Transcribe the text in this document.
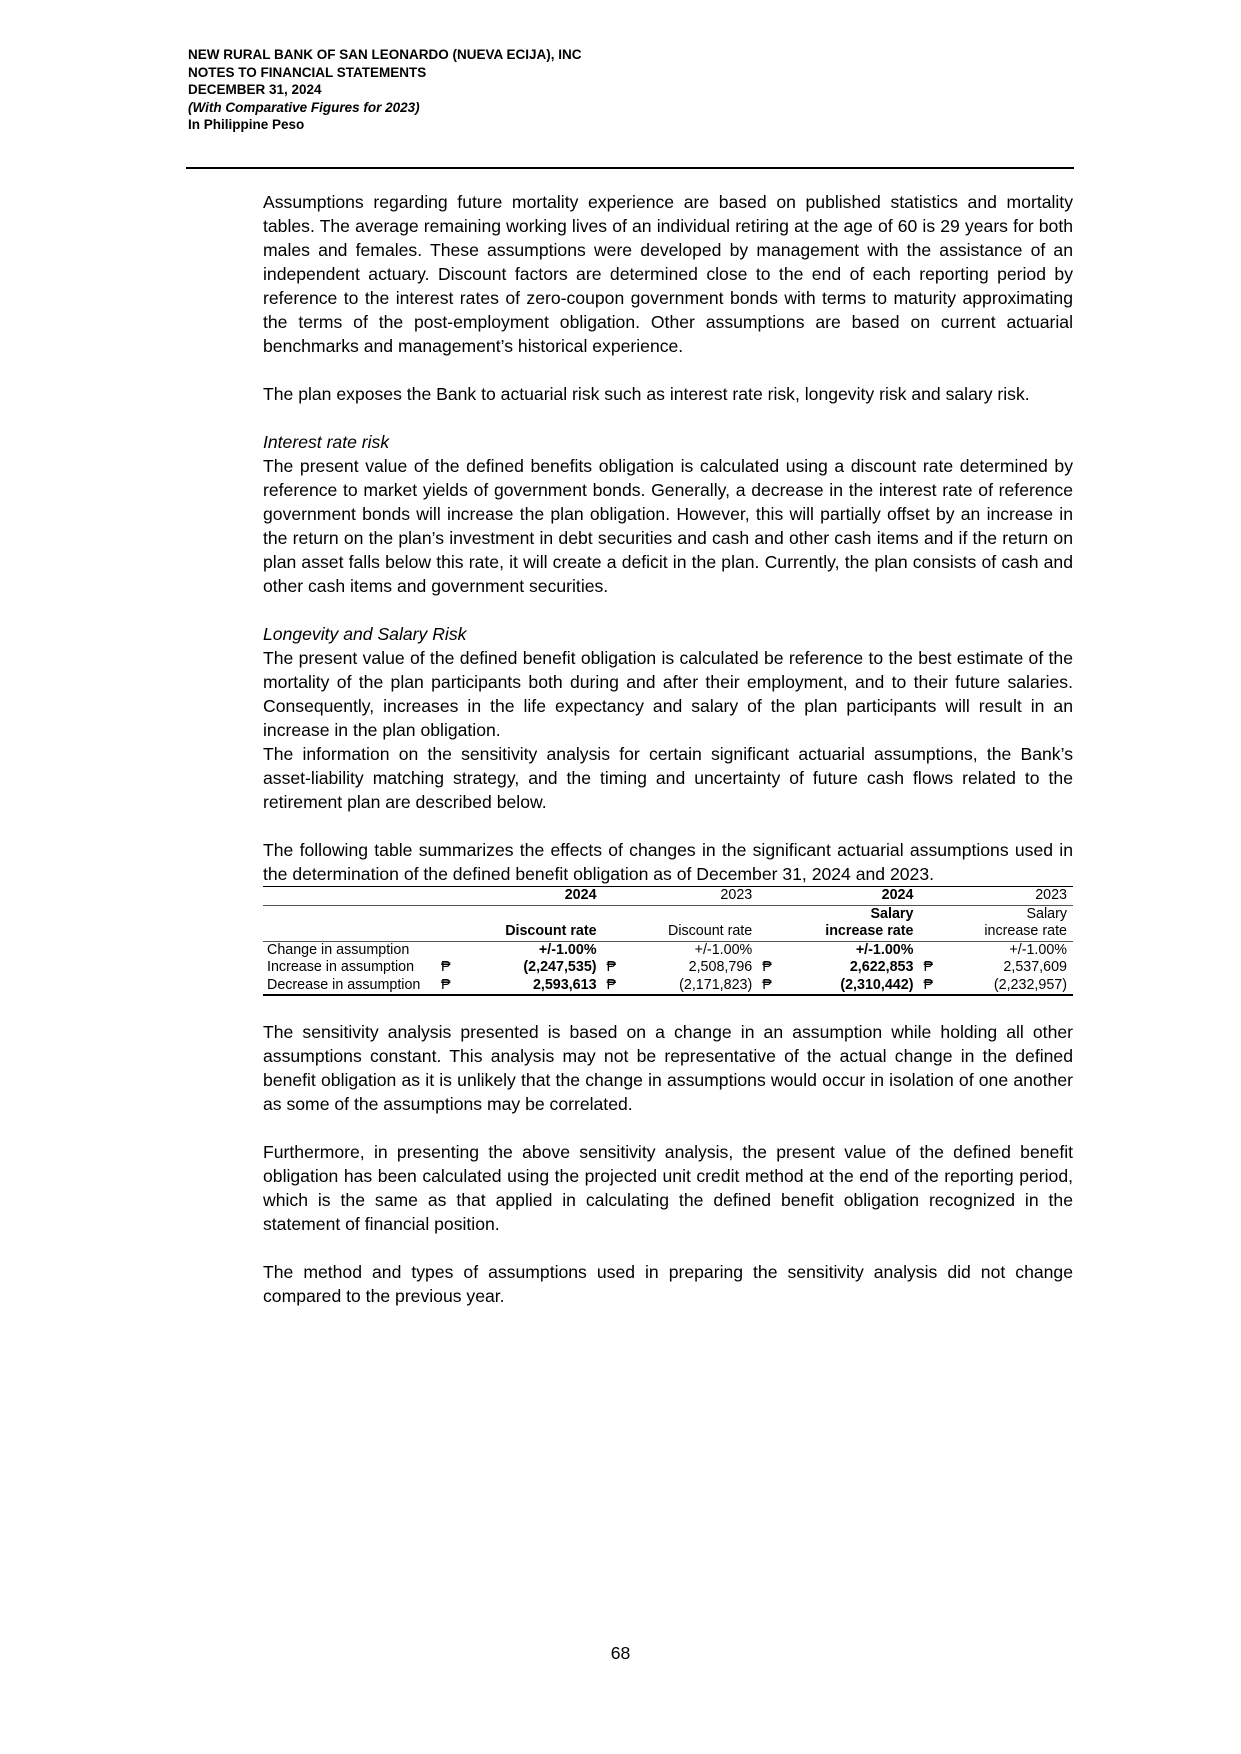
NEW RURAL BANK OF SAN LEONARDO (NUEVA ECIJA), INC
NOTES TO FINANCIAL STATEMENTS
DECEMBER 31, 2024
(With Comparative Figures for 2023)
In Philippine Peso

Assumptions regarding future mortality experience are based on published statistics and mortality tables. The average remaining working lives of an individual retiring at the age of 60 is 29 years for both males and females. These assumptions were developed by management with the assistance of an independent actuary. Discount factors are determined close to the end of each reporting period by reference to the interest rates of zero-coupon government bonds with terms to maturity approximating the terms of the post-employment obligation. Other assumptions are based on current actuarial benchmarks and management’s historical experience.

The plan exposes the Bank to actuarial risk such as interest rate risk, longevity risk and salary risk.

Interest rate risk

The present value of the defined benefits obligation is calculated using a discount rate determined by reference to market yields of government bonds. Generally, a decrease in the interest rate of reference government bonds will increase the plan obligation. However, this will partially offset by an increase in the return on the plan’s investment in debt securities and cash and other cash items and if the return on plan asset falls below this rate, it will create a deficit in the plan. Currently, the plan consists of cash and other cash items and government securities.

Longevity and Salary Risk

The present value of the defined benefit obligation is calculated be reference to the best estimate of the mortality of the plan participants both during and after their employment, and to their future salaries. Consequently, increases in the life expectancy and salary of the plan participants will result in an increase in the plan obligation.

The information on the sensitivity analysis for certain significant actuarial assumptions, the Bank’s asset-liability matching strategy, and the timing and uncertainty of future cash flows related to the retirement plan are described below.

The following table summarizes the effects of changes in the significant actuarial assumptions used in the determination of the defined benefit obligation as of December 31, 2024 and 2023.

		2024		2023		2024		2023
						Salary		Salary
		Discount rate		Discount rate		increase rate		increase rate
Change in assumption		+/-1.00%		+/-1.00%		+/-1.00%		+/-1.00%
Increase in assumption	₱	(2,247,535)	₱	2,508,796	₱	2,622,853	₱	2,537,609
Decrease in assumption	₱	2,593,613	₱	(2,171,823)	₱	(2,310,442)	₱	(2,232,957)

The sensitivity analysis presented is based on a change in an assumption while holding all other assumptions constant. This analysis may not be representative of the actual change in the defined benefit obligation as it is unlikely that the change in assumptions would occur in isolation of one another as some of the assumptions may be correlated.

Furthermore, in presenting the above sensitivity analysis, the present value of the defined benefit obligation has been calculated using the projected unit credit method at the end of the reporting period, which is the same as that applied in calculating the defined benefit obligation recognized in the statement of financial position.

The method and types of assumptions used in preparing the sensitivity analysis did not change compared to the previous year.

68
